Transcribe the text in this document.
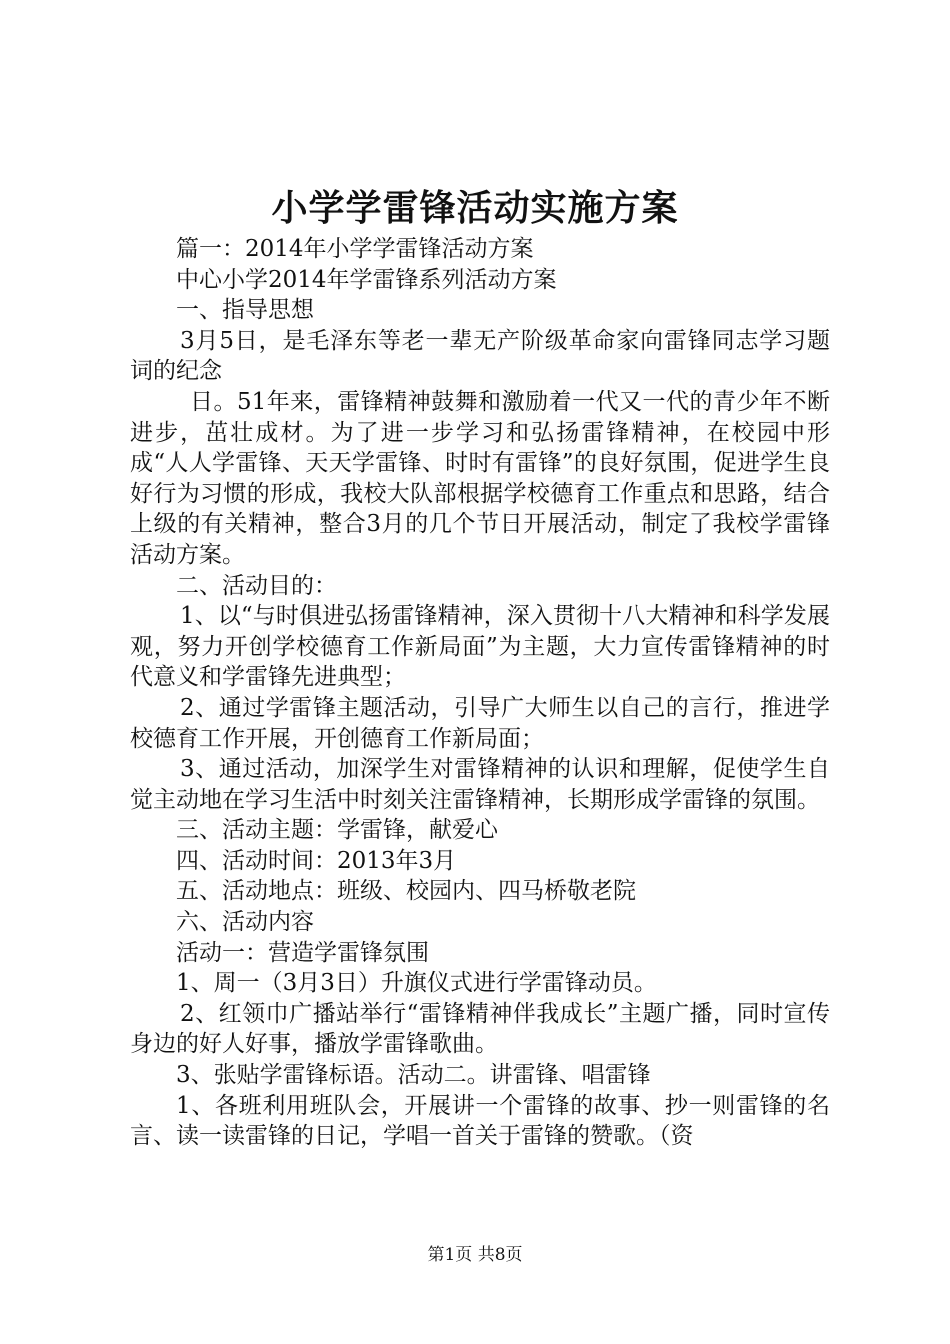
小学学雷锋活动实施方案

篇一：2014年小学学雷锋活动方案

中心小学2014年学雷锋系列活动方案

一、指导思想

3月5日，是毛泽东等老一辈无产阶级革命家向雷锋同志学习题词的纪念

日。51年来，雷锋精神鼓舞和激励着一代又一代的青少年不断进步，茁壮成材。为了进一步学习和弘扬雷锋精神，在校园中形成“人人学雷锋、天天学雷锋、时时有雷锋”的良好氛围，促进学生良好行为习惯的形成，我校大队部根据学校德育工作重点和思路，结合上级的有关精神，整合3月的几个节日开展活动，制定了我校学雷锋活动方案。

二、活动目的：

1、以“与时俱进弘扬雷锋精神，深入贯彻十八大精神和科学发展观，努力开创学校德育工作新局面”为主题，大力宣传雷锋精神的时代意义和学雷锋先进典型；

2、通过学雷锋主题活动，引导广大师生以自己的言行，推进学校德育工作开展，开创德育工作新局面；

3、通过活动，加深学生对雷锋精神的认识和理解，促使学生自觉主动地在学习生活中时刻关注雷锋精神，长期形成学雷锋的氛围。

三、活动主题：学雷锋，献爱心

四、活动时间：2013年3月

五、活动地点：班级、校园内、四马桥敬老院

六、活动内容

活动一：营造学雷锋氛围

1、周一（3月3日）升旗仪式进行学雷锋动员。

2、红领巾广播站举行“雷锋精神伴我成长”主题广播，同时宣传身边的好人好事，播放学雷锋歌曲。

3、张贴学雷锋标语。活动二。讲雷锋、唱雷锋

1、各班利用班队会，开展讲一个雷锋的故事、抄一则雷锋的名言、读一读雷锋的日记，学唱一首关于雷锋的赞歌。（资

第1页 共8页
